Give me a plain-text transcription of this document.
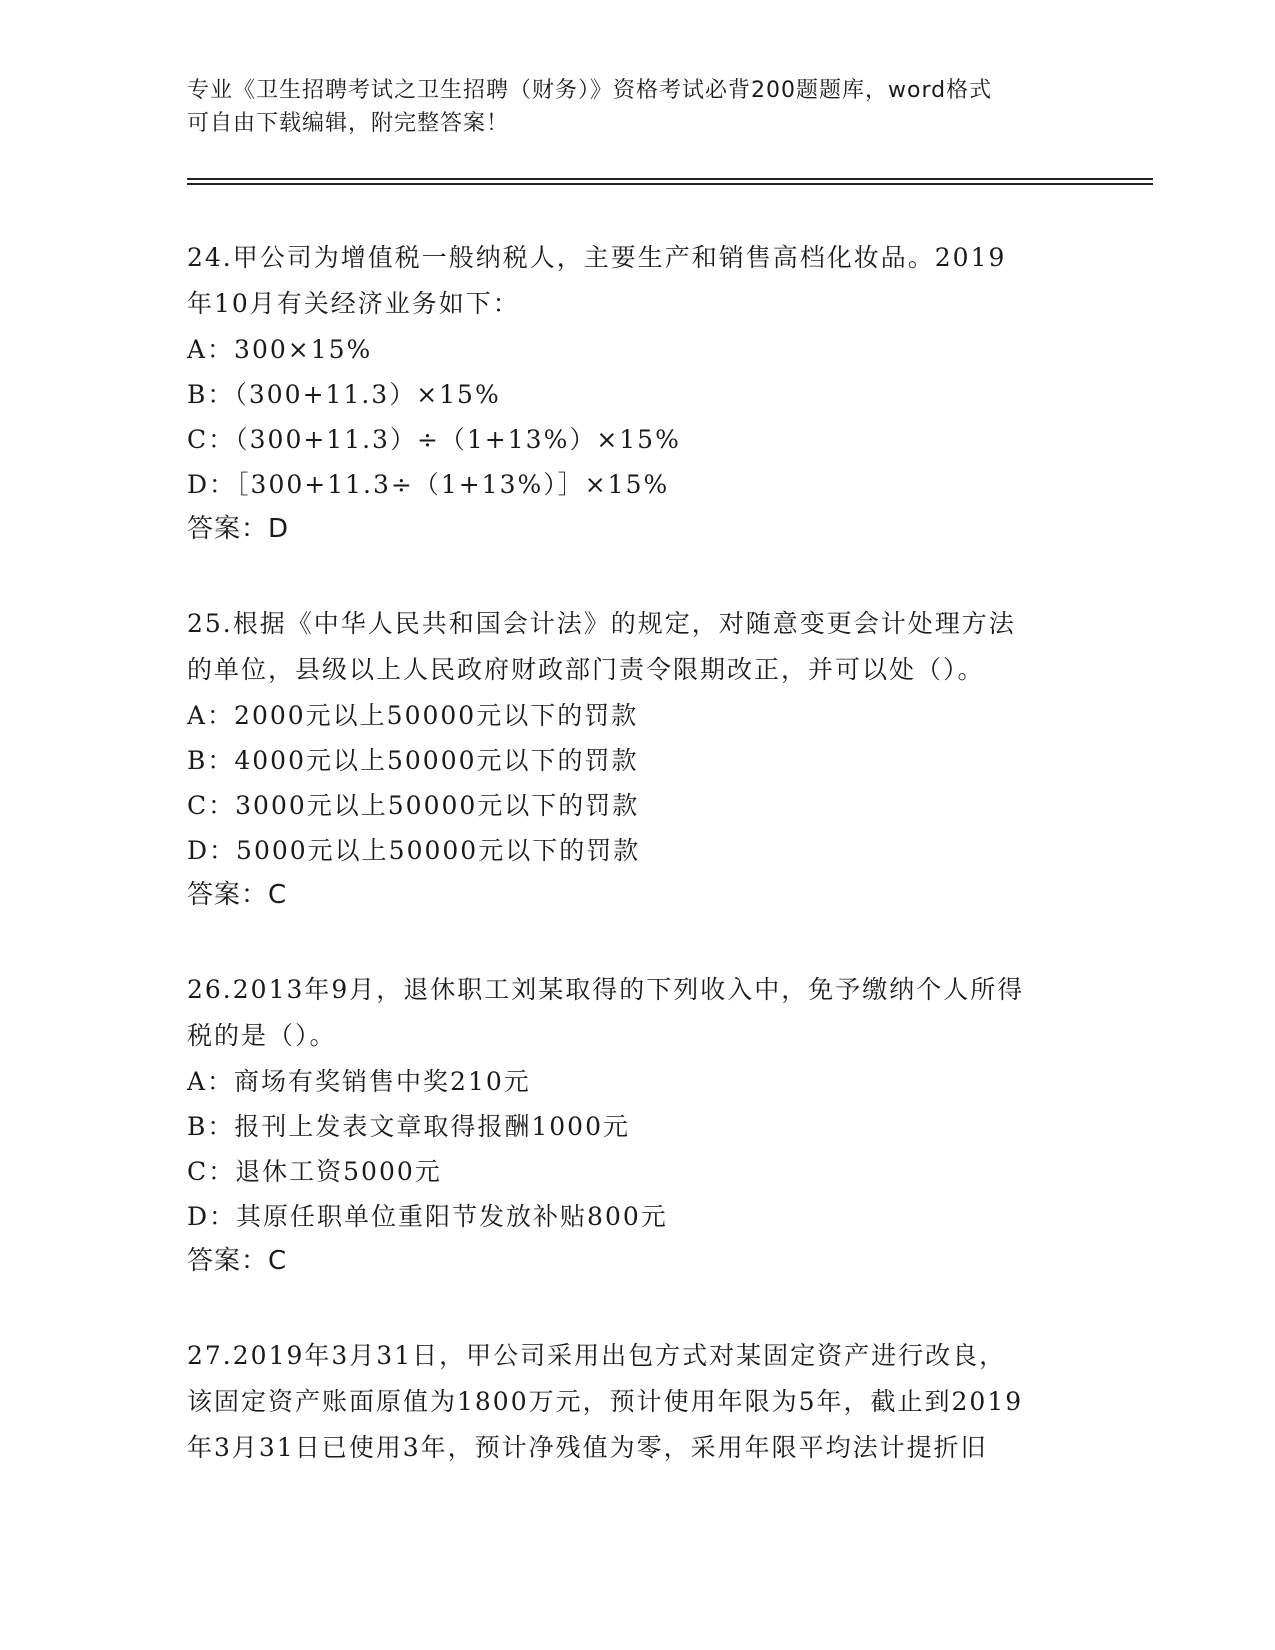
专业《卫生招聘考试之卫生招聘（财务）》资格考试必背200题题库，word格式
可自由下载编辑，附完整答案！
24.甲公司为增值税一般纳税人，主要生产和销售高档化妆品。2019
年10月有关经济业务如下：
A：300×15%
B：（300+11.3）×15%
C：（300+11.3）÷（1+13%）×15%
D：［300+11.3÷（1+13%）］×15%
答案：D
25.根据《中华人民共和国会计法》的规定，对随意变更会计处理方法
的单位，县级以上人民政府财政部门责令限期改正，并可以处（）。
A：2000元以上50000元以下的罚款
B：4000元以上50000元以下的罚款
C：3000元以上50000元以下的罚款
D：5000元以上50000元以下的罚款
答案：C
26.2013年9月，退休职工刘某取得的下列收入中，免予缴纳个人所得
税的是（）。
A：商场有奖销售中奖210元
B：报刊上发表文章取得报酬1000元
C：退休工资5000元
D：其原任职单位重阳节发放补贴800元
答案：C
27.2019年3月31日，甲公司采用出包方式对某固定资产进行改良，
该固定资产账面原值为1800万元，预计使用年限为5年，截止到2019
年3月31日已使用3年，预计净残值为零，采用年限平均法计提折旧
